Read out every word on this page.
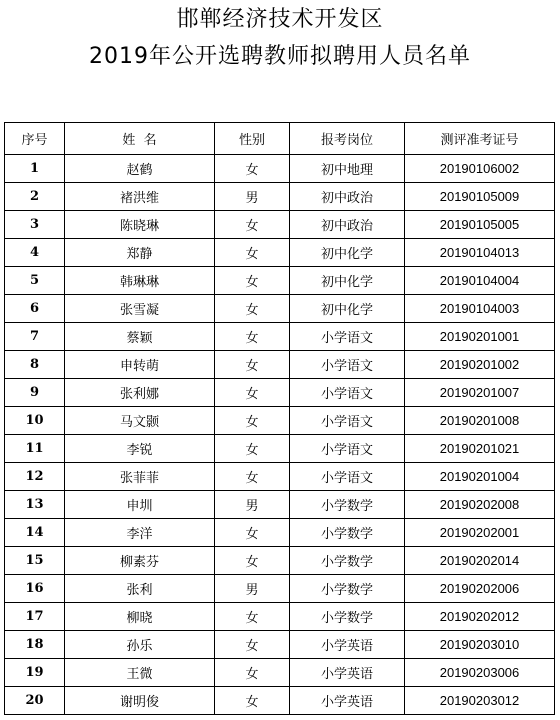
邯郸经济技术开发区
2019年公开选聘教师拟聘用人员名单
序号	姓  名	性别	报考岗位	测评准考证号
1	赵鹤	女	初中地理	20190106002
2	褚洪维	男	初中政治	20190105009
3	陈晓琳	女	初中政治	20190105005
4	郑静	女	初中化学	20190104013
5	韩琳琳	女	初中化学	20190104004
6	张雪凝	女	初中化学	20190104003
7	蔡颖	女	小学语文	20190201001
8	申转萌	女	小学语文	20190201002
9	张利娜	女	小学语文	20190201007
10	马文颢	女	小学语文	20190201008
11	李锐	女	小学语文	20190201021
12	张菲菲	女	小学语文	20190201004
13	申圳	男	小学数学	20190202008
14	李洋	女	小学数学	20190202001
15	柳素芬	女	小学数学	20190202014
16	张利	男	小学数学	20190202006
17	柳晓	女	小学数学	20190202012
18	孙乐	女	小学英语	20190203010
19	王微	女	小学英语	20190203006
20	谢明俊	女	小学英语	20190203012
